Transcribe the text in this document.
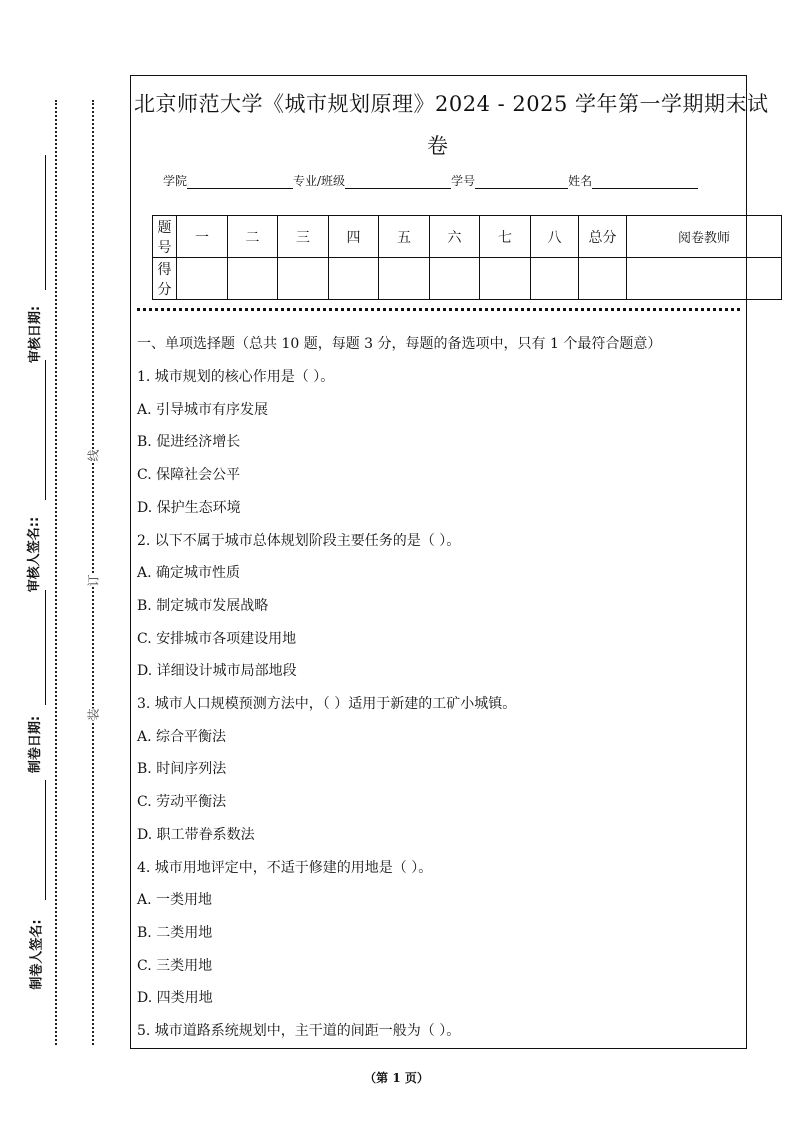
审核日期:
审核人签名::
制卷日期:
制卷人签名:
线
订
装
北京师范大学《城市规划原理》2024 - 2025 学年第一学期期末试
卷
学院	专业/班级	学号	姓名
题号	一	二	三	四	五	六	七	八	总分	阅卷教师
得分										
一、单项选择题（总共 10 题，每题 3 分，每题的备选项中，只有 1 个最符合题意）
1. 城市规划的核心作用是（ ）。
A. 引导城市有序发展
B. 促进经济增长
C. 保障社会公平
D. 保护生态环境
2. 以下不属于城市总体规划阶段主要任务的是（ ）。
A. 确定城市性质
B. 制定城市发展战略
C. 安排城市各项建设用地
D. 详细设计城市局部地段
3. 城市人口规模预测方法中，（ ）适用于新建的工矿小城镇。
A. 综合平衡法
B. 时间序列法
C. 劳动平衡法
D. 职工带眷系数法
4. 城市用地评定中，不适于修建的用地是（ ）。
A. 一类用地
B. 二类用地
C. 三类用地
D. 四类用地
5. 城市道路系统规划中，主干道的间距一般为（ ）。
（第 1 页）
